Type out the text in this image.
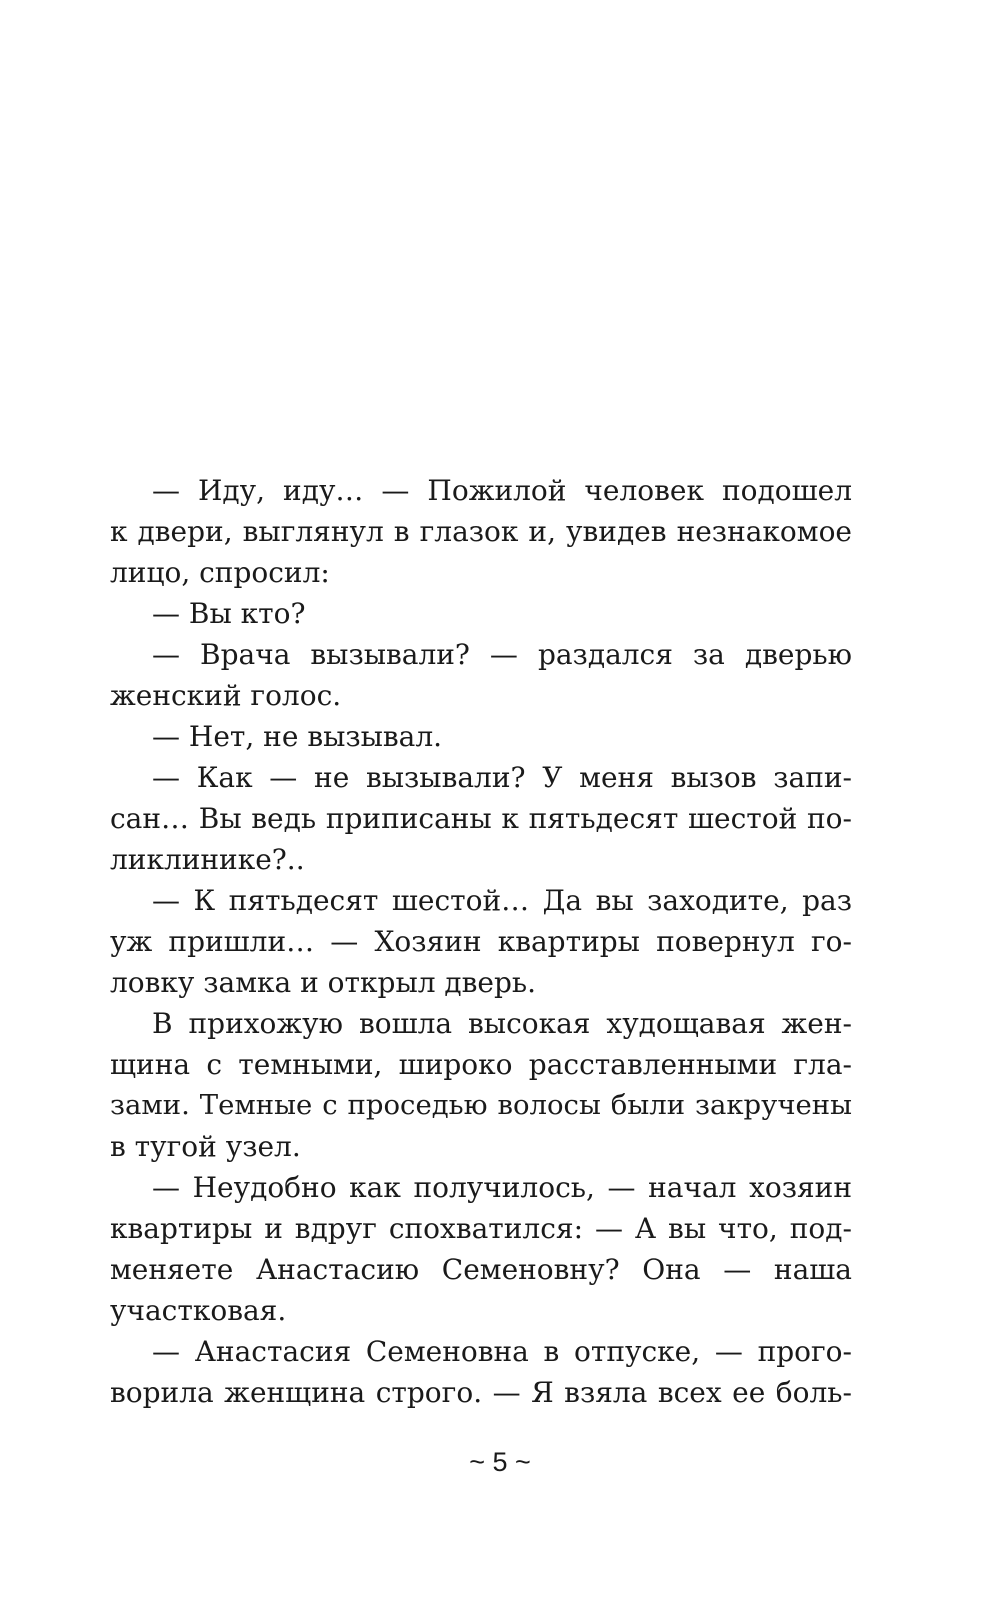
— Иду, иду… — Пожилой человек подошел
к двери, выглянул в глазок и, увидев незнакомое
лицо, спросил:
— Вы кто?
— Врача вызывали? — раздался за дверью
женский голос.
— Нет, не вызывал.
— Как — не вызывали? У меня вызов запи-
сан… Вы ведь приписаны к пятьдесят шестой по-
ликлинике?..
— К пятьдесят шестой… Да вы заходите, раз
уж пришли… — Хозяин квартиры повернул го-
ловку замка и открыл дверь.
В прихожую вошла высокая худощавая жен-
щина с темными, широко расставленными гла-
зами. Темные с проседью волосы были закручены
в тугой узел.
— Неудобно как получилось, — начал хозяин
квартиры и вдруг спохватился: — А вы что, под-
меняете Анастасию Семеновну? Она — наша
участковая.
— Анастасия Семеновна в отпуске, — прого-
ворила женщина строго. — Я взяла всех ее боль-
~ 5 ~
